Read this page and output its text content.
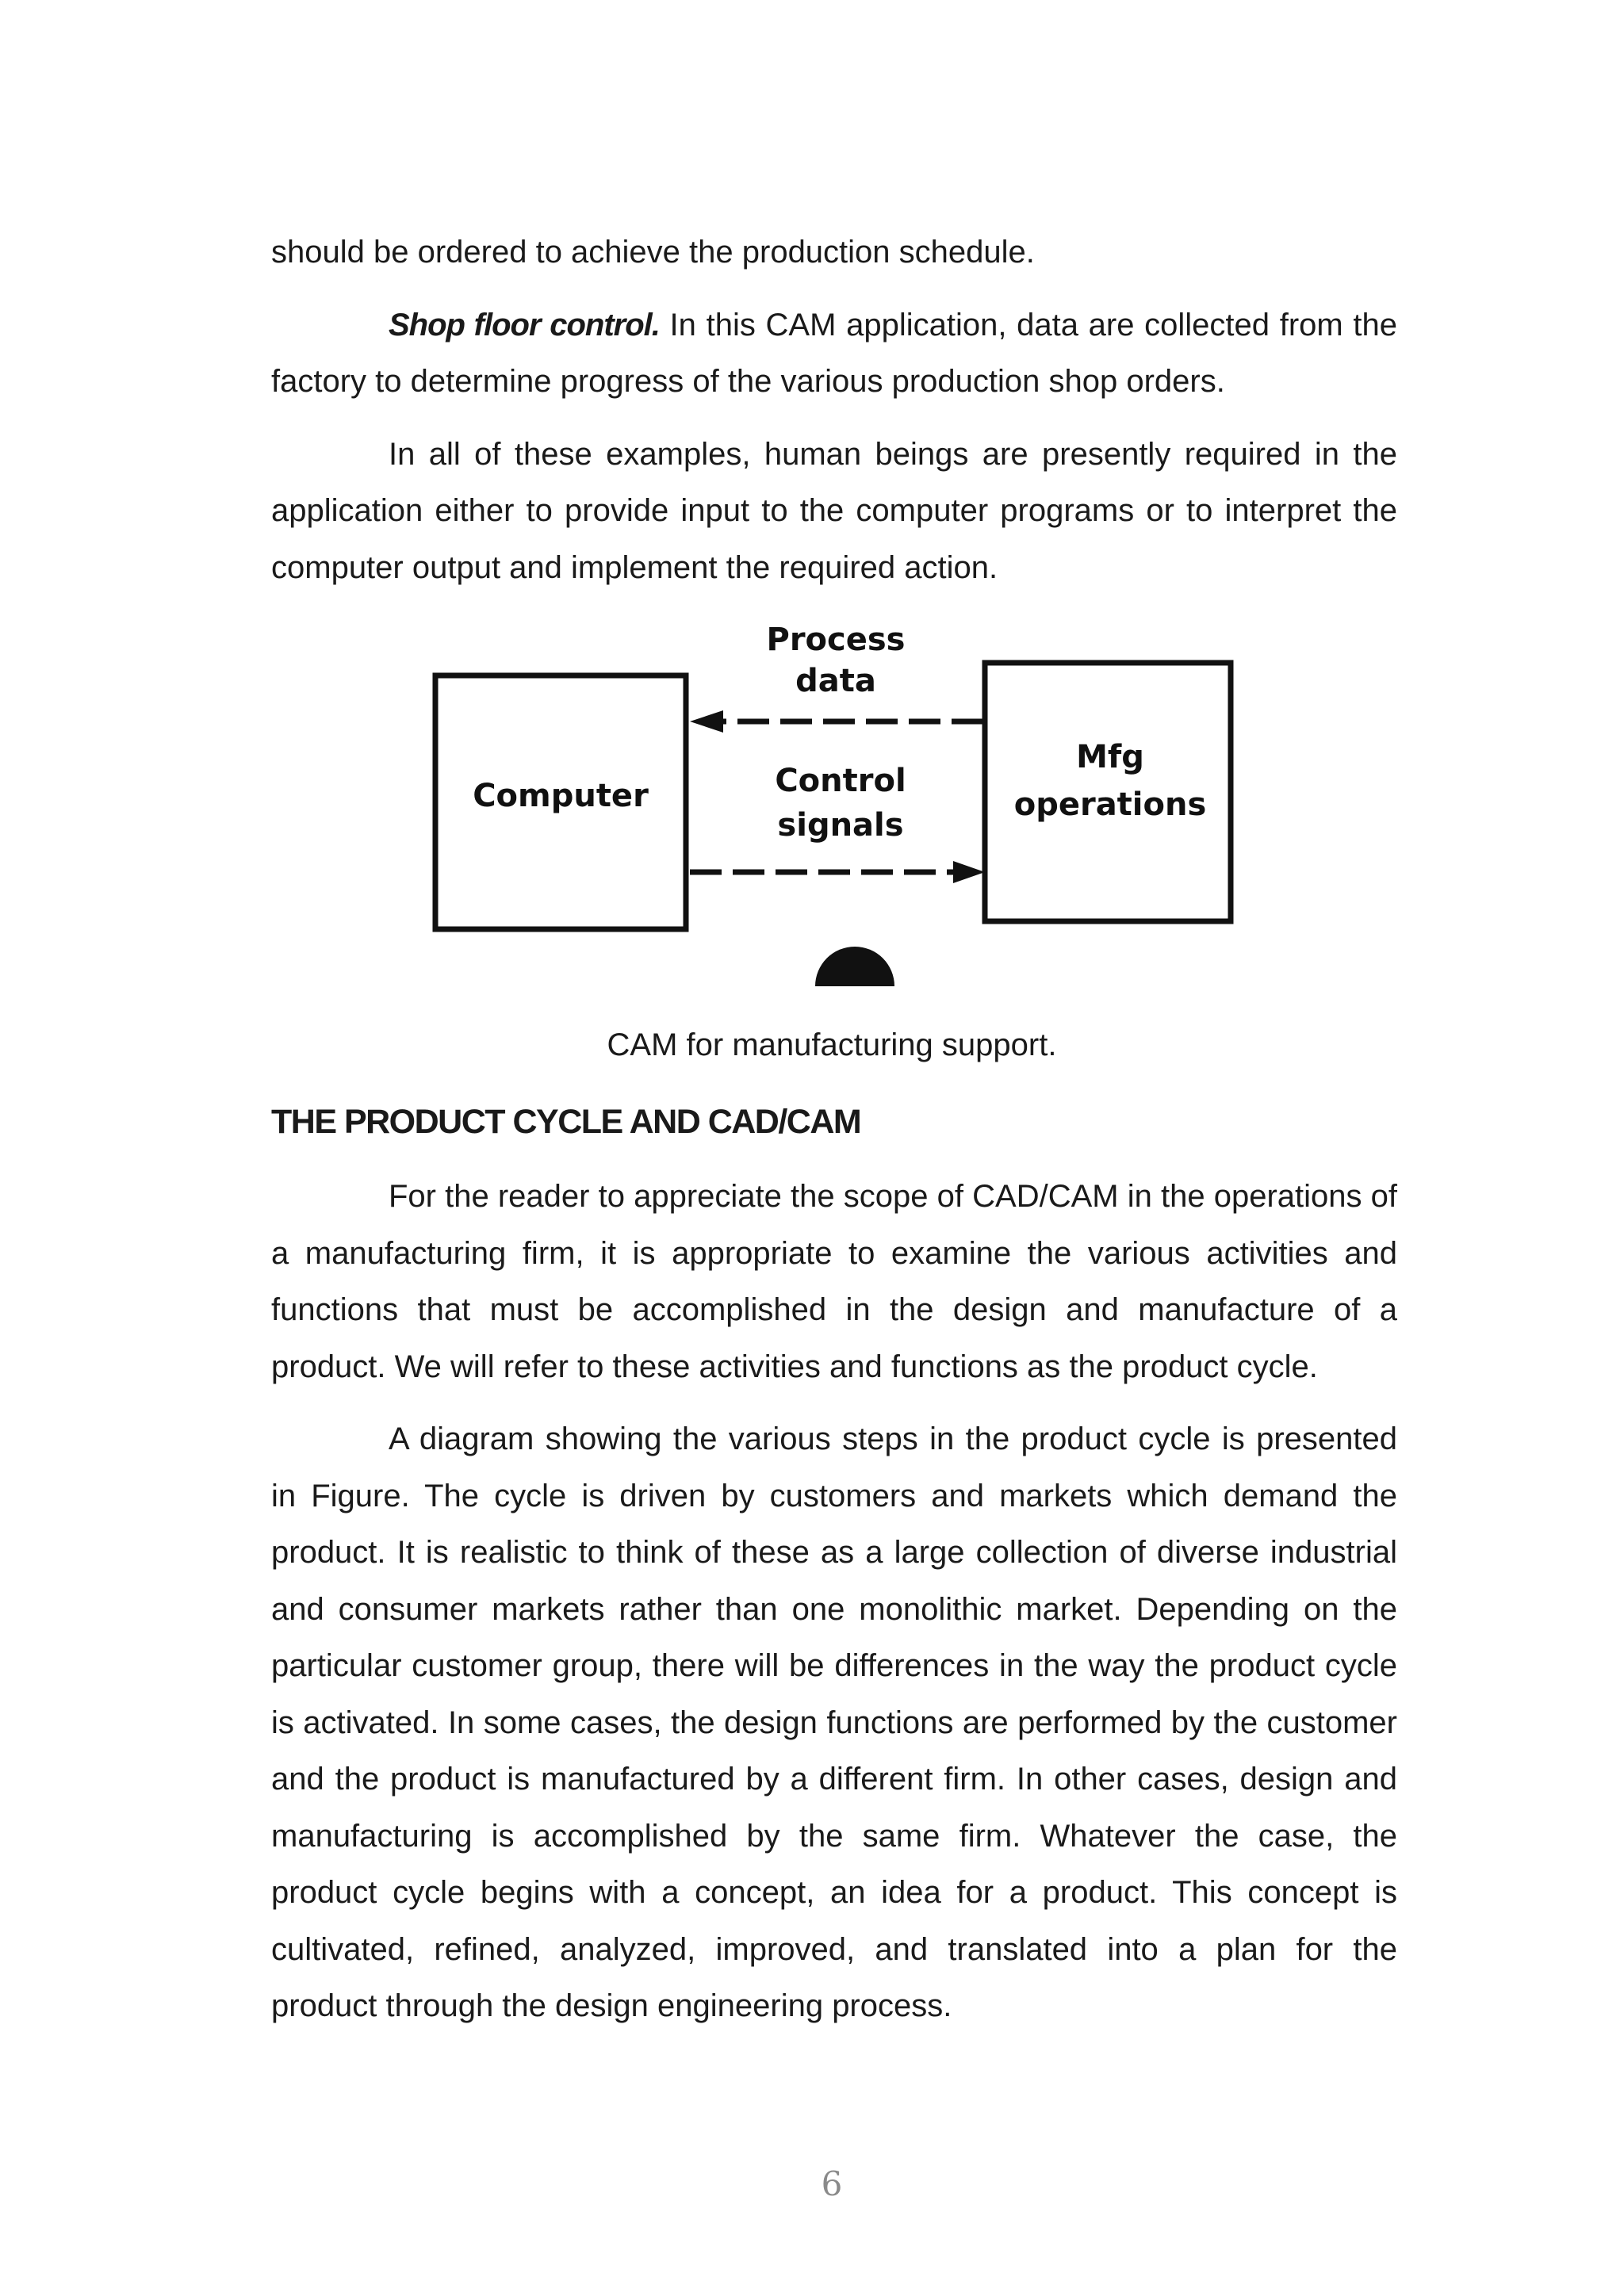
should be ordered to achieve the production schedule.

Shop floor control. In this CAM application, data are collected from the factory to determine progress of the various production shop orders.

In all of these examples, human beings are presently required in the application either to provide input to the computer programs or to interpret the computer output and implement the required action.

Computer
Mfg
operations
Process
data
Control
signals
CAM for manufacturing support.
THE PRODUCT CYCLE AND CAD/CAM

For the reader to appreciate the scope of CAD/CAM in the operations of a manufacturing firm, it is appropriate to examine the various activities and functions that must be accomplished in the design and manufacture of a product. We will refer to these activities and functions as the product cycle.

A diagram showing the various steps in the product cycle is presented in Figure. The cycle is driven by customers and markets which demand the product. It is realistic to think of these as a large collection of diverse industrial and consumer markets rather than one monolithic market. Depending on the particular customer group, there will be differences in the way the product cycle is activated. In some cases, the design functions are performed by the customer and the product is manufactured by a different firm. In other cases, design and manufacturing is accomplished by the same firm. Whatever the case, the product cycle begins with a concept, an idea for a product. This concept is cultivated, refined, analyzed, improved, and translated into a plan for the product through the design engineering process.

6
